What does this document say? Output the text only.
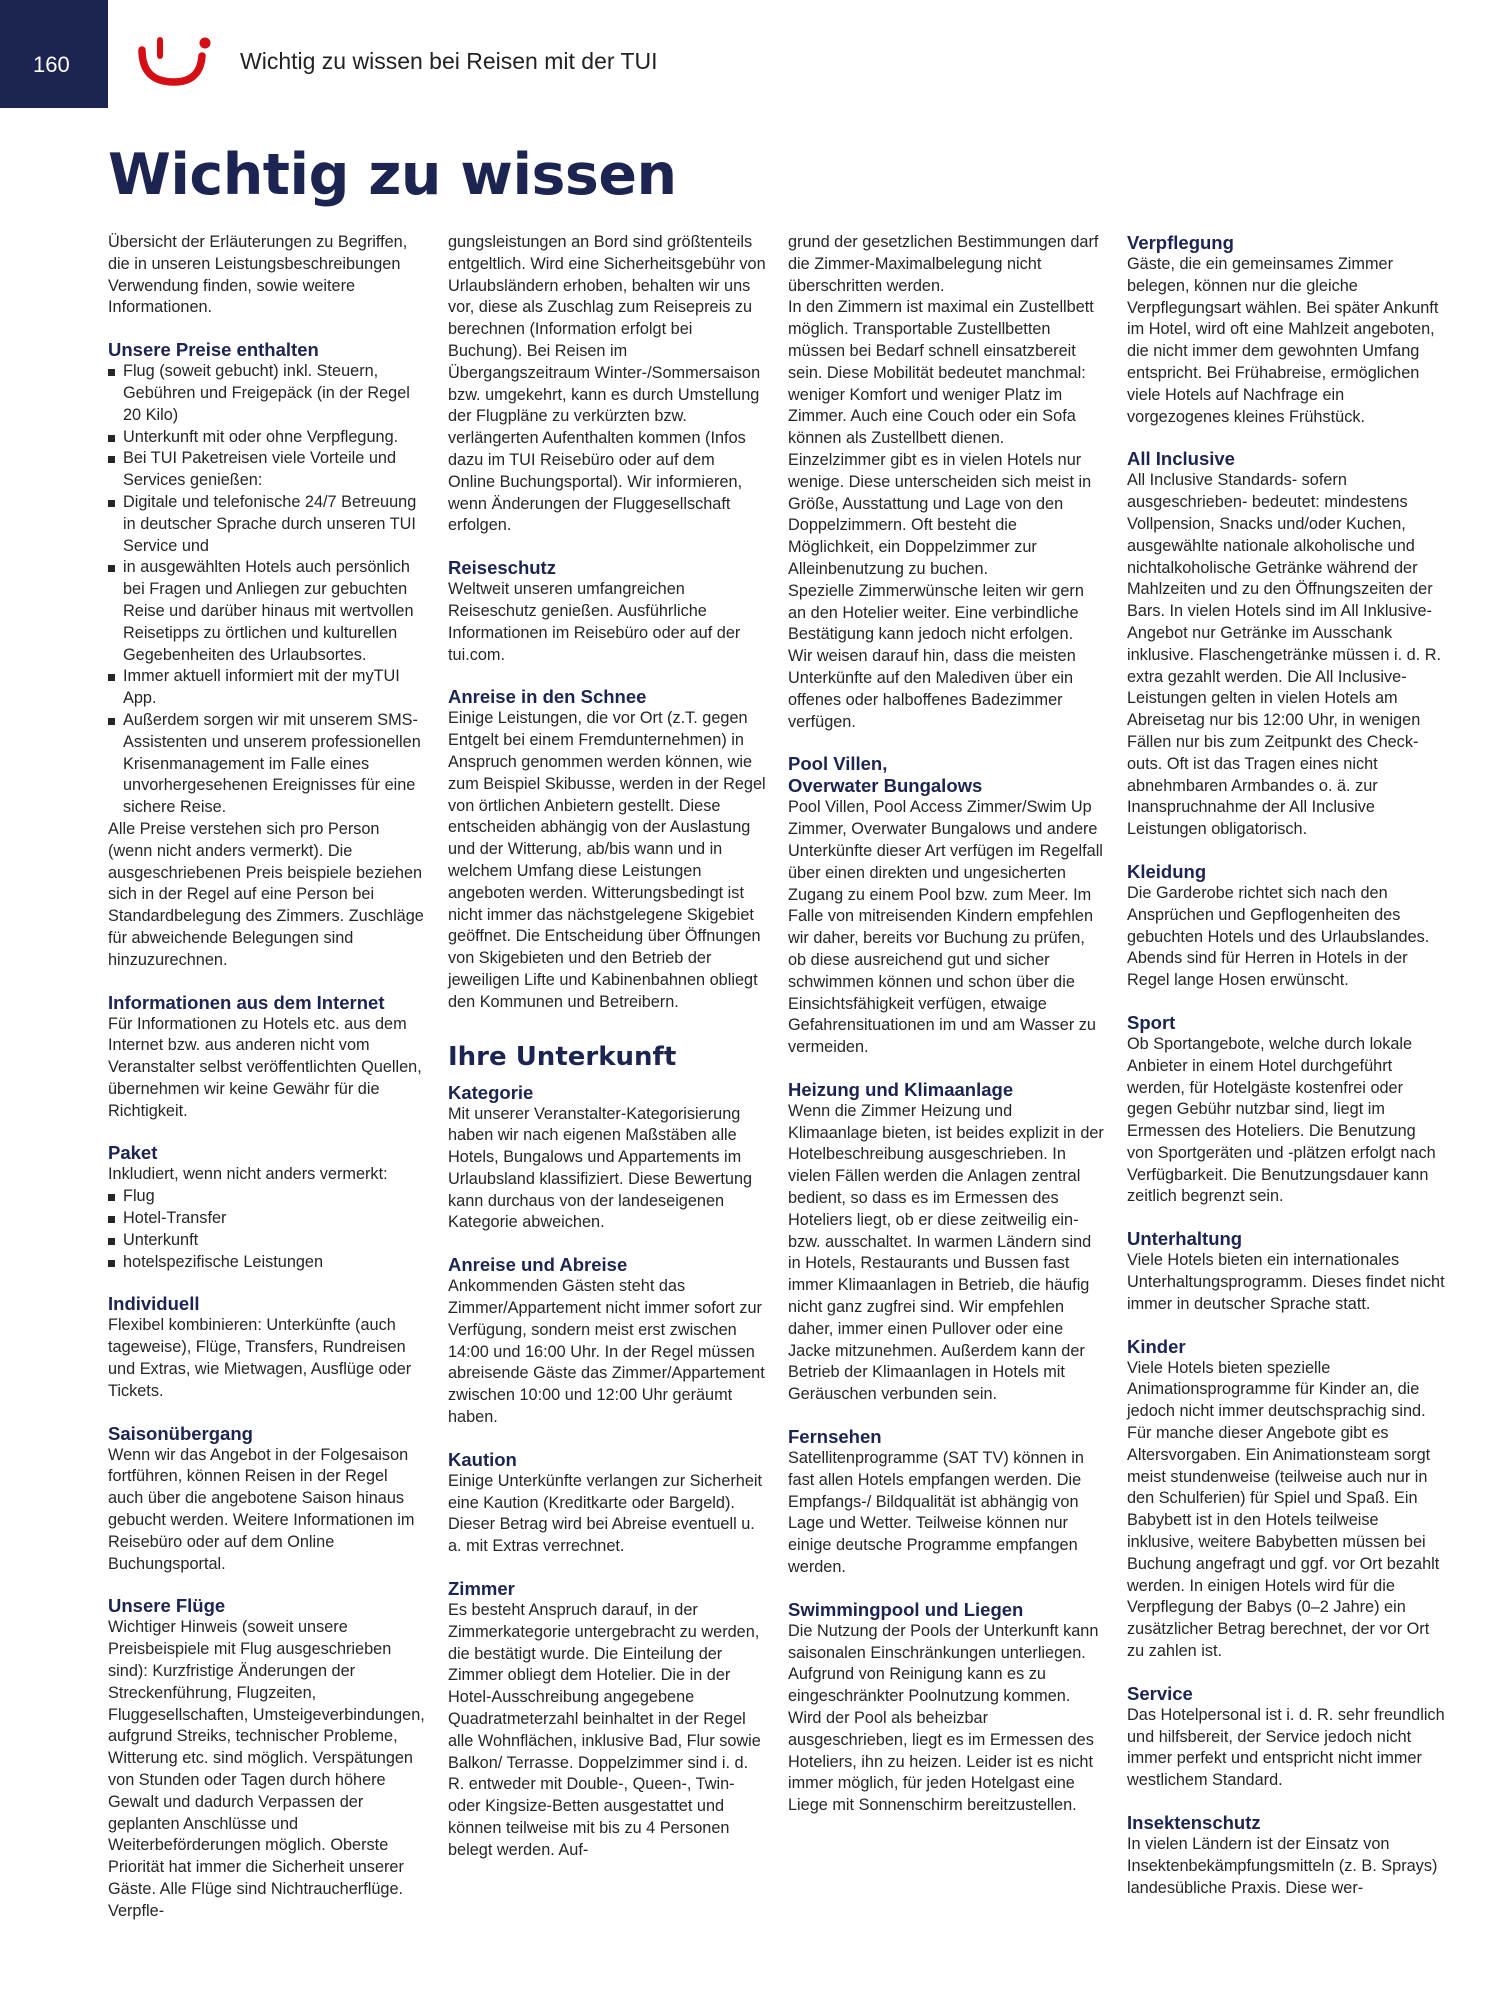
160	Wichtig zu wissen bei Reisen mit der TUI
Wichtig zu wissen

Übersicht der Erläuterungen zu Begriffen, die in unseren Leistungsbeschreibungen Verwendung finden, sowie weitere Informationen.

Unsere Preise enthalten
Flug (soweit gebucht) inkl. Steuern, Gebühren und Freigepäck (in der Regel 20 Kilo)
Unterkunft mit oder ohne Verpflegung.
Bei TUI Paketreisen viele Vorteile und Services genießen:
Digitale und telefonische 24/7 Betreuung in deutscher Sprache durch unseren TUI Service und
in ausgewählten Hotels auch persönlich bei Fragen und Anliegen zur gebuchten Reise und darüber hinaus mit wertvollen Reisetipps zu örtlichen und kulturellen Gegebenheiten des Urlaubsortes.
Immer aktuell informiert mit der myTUI App.
Außerdem sorgen wir mit unserem SMS-Assistenten und unserem professionellen Krisenmanagement im Falle eines unvorhergesehenen Ereignisses für eine sichere Reise.

Alle Preise verstehen sich pro Person (wenn nicht anders vermerkt). Die ausgeschriebenen Preis beispiele beziehen sich in der Regel auf eine Person bei Standardbelegung des Zimmers. Zuschläge für abweichende Belegungen sind hinzuzurechnen.

Informationen aus dem Internet

Für Informationen zu Hotels etc. aus dem Internet bzw. aus anderen nicht vom Veranstalter selbst veröffentlichten Quellen, übernehmen wir keine Gewähr für die Richtigkeit.

Paket

Inkludiert, wenn nicht anders vermerkt:

Flug
Hotel-Transfer
Unterkunft
hotelspezifische Leistungen
Individuell

Flexibel kombinieren: Unterkünfte (auch tageweise), Flüge, Transfers, Rundreisen und Extras, wie Mietwagen, Ausflüge oder Tickets.

Saisonübergang

Wenn wir das Angebot in der Folgesaison fortführen, können Reisen in der Regel auch über die angebotene Saison hinaus gebucht werden. Weitere Informationen im Reisebüro oder auf dem Online Buchungsportal.

Unsere Flüge

Wichtiger Hinweis (soweit unsere Preisbeispiele mit Flug ausgeschrieben sind): Kurzfristige Änderungen der Streckenführung, Flugzeiten, Fluggesellschaften, Umsteigeverbindungen, aufgrund Streiks, technischer Probleme, Witterung etc. sind möglich. Verspätungen von Stunden oder Tagen durch höhere Gewalt und dadurch Verpassen der geplanten Anschlüsse und Weiterbeförderungen möglich. Oberste Priorität hat immer die Sicherheit unserer Gäste. Alle Flüge sind Nichtraucherflüge. Verpfle-

gungsleistungen an Bord sind größtenteils entgeltlich. Wird eine Sicherheitsgebühr von Urlaubsländern erhoben, behalten wir uns vor, diese als Zuschlag zum Reisepreis zu berechnen (Information erfolgt bei Buchung). Bei Reisen im Übergangszeitraum Winter-/Sommersaison bzw. umgekehrt, kann es durch Umstellung der Flugpläne zu verkürzten bzw. verlängerten Aufenthalten kommen (Infos dazu im TUI Reisebüro oder auf dem Online Buchungsportal). Wir informieren, wenn Änderungen der Fluggesellschaft erfolgen.

Reiseschutz

Weltweit unseren umfangreichen Reiseschutz genießen. Ausführliche Informationen im Reisebüro oder auf der tui.com.

Anreise in den Schnee

Einige Leistungen, die vor Ort (z.T. gegen Entgelt bei einem Fremdunternehmen) in Anspruch genommen werden können, wie zum Beispiel Skibusse, werden in der Regel von örtlichen Anbietern gestellt. Diese entscheiden abhängig von der Auslastung und der Witterung, ab/bis wann und in welchem Umfang diese Leistungen angeboten werden. Witterungsbedingt ist nicht immer das nächstgelegene Skigebiet geöffnet. Die Entscheidung über Öffnungen von Skigebieten und den Betrieb der jeweiligen Lifte und Kabinenbahnen obliegt den Kommunen und Betreibern.

Ihre Unterkunft
Kategorie

Mit unserer Veranstalter-Kategorisierung haben wir nach eigenen Maßstäben alle Hotels, Bungalows und Appartements im Urlaubsland klassifiziert. Diese Bewertung kann durchaus von der landeseigenen Kategorie abweichen.

Anreise und Abreise

Ankommenden Gästen steht das Zimmer/Appartement nicht immer sofort zur Verfügung, sondern meist erst zwischen 14:00 und 16:00 Uhr. In der Regel müssen abreisende Gäste das Zimmer/Appartement zwischen 10:00 und 12:00 Uhr geräumt haben.

Kaution

Einige Unterkünfte verlangen zur Sicherheit eine Kaution (Kreditkarte oder Bargeld). Dieser Betrag wird bei Abreise eventuell u. a. mit Extras verrechnet.

Zimmer

Es besteht Anspruch darauf, in der Zimmerkategorie untergebracht zu werden, die bestätigt wurde. Die Einteilung der Zimmer obliegt dem Hotelier. Die in der Hotel-Ausschreibung angegebene Quadratmeterzahl beinhaltet in der Regel alle Wohnflächen, inklusive Bad, Flur sowie Balkon/ Terrasse. Doppelzimmer sind i. d. R. entweder mit Double-, Queen-, Twin- oder Kingsize-Betten ausgestattet und können teilweise mit bis zu 4 Personen belegt werden. Auf-

grund der gesetzlichen Bestimmungen darf die Zimmer-Maximalbelegung nicht überschritten werden.

In den Zimmern ist maximal ein Zustellbett möglich. Transportable Zustellbetten müssen bei Bedarf schnell einsatzbereit sein. Diese Mobilität bedeutet manchmal: weniger Komfort und weniger Platz im Zimmer. Auch eine Couch oder ein Sofa können als Zustellbett dienen.

Einzelzimmer gibt es in vielen Hotels nur wenige. Diese unterscheiden sich meist in Größe, Ausstattung und Lage von den Doppelzimmern. Oft besteht die Möglichkeit, ein Doppelzimmer zur Alleinbenutzung zu buchen.

Spezielle Zimmerwünsche leiten wir gern an den Hotelier weiter. Eine verbindliche Bestätigung kann jedoch nicht erfolgen.

Wir weisen darauf hin, dass die meisten Unterkünfte auf den Malediven über ein offenes oder halboffenes Badezimmer verfügen.

Pool Villen,
Overwater Bungalows

Pool Villen, Pool Access Zimmer/Swim Up Zimmer, Overwater Bungalows und andere Unterkünfte dieser Art verfügen im Regelfall über einen direkten und ungesicherten Zugang zu einem Pool bzw. zum Meer. Im Falle von mitreisenden Kindern empfehlen wir daher, bereits vor Buchung zu prüfen, ob diese ausreichend gut und sicher schwimmen können und schon über die Einsichtsfähigkeit verfügen, etwaige Gefahrensituationen im und am Wasser zu vermeiden.

Heizung und Klimaanlage

Wenn die Zimmer Heizung und Klimaanlage bieten, ist beides explizit in der Hotelbeschreibung ausgeschrieben. In vielen Fällen werden die Anlagen zentral bedient, so dass es im Ermessen des Hoteliers liegt, ob er diese zeitweilig ein- bzw. ausschaltet. In warmen Ländern sind in Hotels, Restaurants und Bussen fast immer Klimaanlagen in Betrieb, die häufig nicht ganz zugfrei sind. Wir empfehlen daher, immer einen Pullover oder eine Jacke mitzunehmen. Außerdem kann der Betrieb der Klimaanlagen in Hotels mit Geräuschen verbunden sein.

Fernsehen

Satellitenprogramme (SAT TV) können in fast allen Hotels empfangen werden. Die Empfangs-/ Bildqualität ist abhängig von Lage und Wetter. Teilweise können nur einige deutsche Programme empfangen werden.

Swimmingpool und Liegen

Die Nutzung der Pools der Unterkunft kann saisonalen Einschränkungen unterliegen. Aufgrund von Reinigung kann es zu eingeschränkter Poolnutzung kommen. Wird der Pool als beheizbar ausgeschrieben, liegt es im Ermessen des Hoteliers, ihn zu heizen. Leider ist es nicht immer möglich, für jeden Hotelgast eine Liege mit Sonnenschirm bereitzustellen.

Verpflegung

Gäste, die ein gemeinsames Zimmer belegen, können nur die gleiche Verpflegungsart wählen. Bei später Ankunft im Hotel, wird oft eine Mahlzeit angeboten, die nicht immer dem gewohnten Umfang entspricht. Bei Frühabreise, ermöglichen viele Hotels auf Nachfrage ein vorgezogenes kleines Frühstück.

All Inclusive

All Inclusive Standards- sofern ausgeschrieben- bedeutet: mindestens Vollpension, Snacks und/oder Kuchen, ausgewählte nationale alkoholische und nichtalkoholische Getränke während der Mahlzeiten und zu den Öffnungszeiten der Bars. In vielen Hotels sind im All Inklusive-Angebot nur Getränke im Ausschank inklusive. Flaschengetränke müssen i. d. R. extra gezahlt werden. Die All Inclusive- Leistungen gelten in vielen Hotels am Abreisetag nur bis 12:00 Uhr, in wenigen Fällen nur bis zum Zeitpunkt des Check-outs. Oft ist das Tragen eines nicht abnehmbaren Armbandes o. ä. zur Inanspruchnahme der All Inclusive Leistungen obligatorisch.

Kleidung

Die Garderobe richtet sich nach den Ansprüchen und Gepflogenheiten des gebuchten Hotels und des Urlaubslandes. Abends sind für Herren in Hotels in der Regel lange Hosen erwünscht.

Sport

Ob Sportangebote, welche durch lokale Anbieter in einem Hotel durchgeführt werden, für Hotelgäste kostenfrei oder gegen Gebühr nutzbar sind, liegt im Ermessen des Hoteliers. Die Benutzung von Sportgeräten und -plätzen erfolgt nach Verfügbarkeit. Die Benutzungsdauer kann zeitlich begrenzt sein.

Unterhaltung

Viele Hotels bieten ein internationales Unterhaltungsprogramm. Dieses findet nicht immer in deutscher Sprache statt.

Kinder

Viele Hotels bieten spezielle Animationsprogramme für Kinder an, die jedoch nicht immer deutschsprachig sind. Für manche dieser Angebote gibt es Altersvorgaben. Ein Animationsteam sorgt meist stundenweise (teilweise auch nur in den Schulferien) für Spiel und Spaß. Ein Babybett ist in den Hotels teilweise inklusive, weitere Babybetten müssen bei Buchung angefragt und ggf. vor Ort bezahlt werden. In einigen Hotels wird für die Verpflegung der Babys (0–2 Jahre) ein zusätzlicher Betrag berechnet, der vor Ort zu zahlen ist.

Service

Das Hotelpersonal ist i. d. R. sehr freundlich und hilfsbereit, der Service jedoch nicht immer perfekt und entspricht nicht immer westlichem Standard.

Insektenschutz

In vielen Ländern ist der Einsatz von Insektenbekämpfungsmitteln (z. B. Sprays) landesübliche Praxis. Diese wer-
